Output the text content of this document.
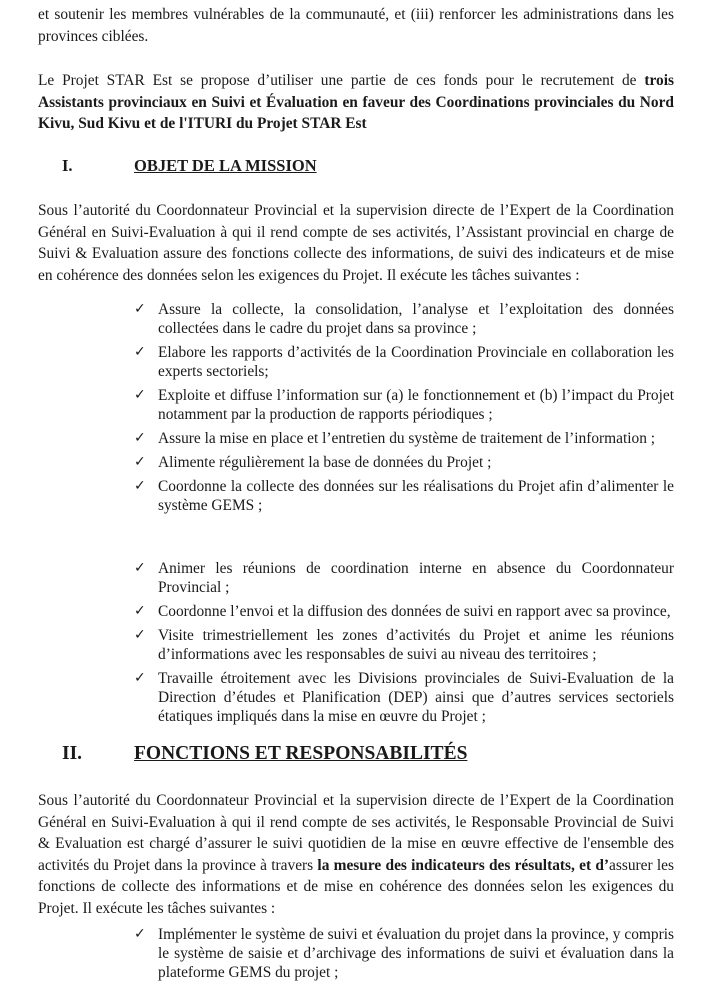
et soutenir les membres vulnérables de la communauté, et (iii) renforcer les administrations dans les provinces ciblées.
Le Projet STAR Est se propose d’utiliser une partie de ces fonds pour le recrutement de trois Assistants provinciaux en Suivi et Évaluation en faveur des Coordinations provinciales du Nord Kivu, Sud Kivu et de l'ITURI du Projet STAR Est
I.	OBJET DE LA MISSION
Sous l’autorité du Coordonnateur Provincial et la supervision directe de l’Expert de la Coordination Général en Suivi-Evaluation à qui il rend compte de ses activités, l’Assistant provincial en charge de Suivi & Evaluation assure des fonctions collecte des informations, de suivi des indicateurs et de mise en cohérence des données selon les exigences du Projet. Il exécute les tâches suivantes :
✓ Assure la collecte, la consolidation, l’analyse et l’exploitation des données collectées dans le cadre du projet dans sa province ;
✓ Elabore les rapports d’activités de la Coordination Provinciale en collaboration les experts sectoriels;
✓ Exploite et diffuse l’information sur (a) le fonctionnement et (b) l’impact du Projet notamment par la production de rapports périodiques ;
✓ Assure la mise en place et l’entretien du système de traitement de l’information ;
✓ Alimente régulièrement la base de données du Projet ;
✓ Coordonne la collecte des données sur les réalisations du Projet afin d’alimenter le système GEMS ;
✓ Animer les réunions de coordination interne en absence du Coordonnateur Provincial ;
✓ Coordonne l’envoi et la diffusion des données de suivi en rapport avec sa province,
✓ Visite trimestriellement les zones d’activités du Projet et anime les réunions d’informations avec les responsables de suivi au niveau des territoires ;
✓ Travaille étroitement avec les Divisions provinciales de Suivi-Evaluation de la Direction d’études et Planification (DEP) ainsi que d’autres services sectoriels étatiques impliqués dans la mise en œuvre du Projet ;
II.	FONCTIONS ET RESPONSABILITÉS
Sous l’autorité du Coordonnateur Provincial et la supervision directe de l’Expert de la Coordination Général en Suivi-Evaluation à qui il rend compte de ses activités, le Responsable Provincial de Suivi & Evaluation est chargé d’assurer le suivi quotidien de la mise en œuvre effective de l'ensemble des activités du Projet dans la province à travers la mesure des indicateurs des résultats, et d’assurer les fonctions de collecte des informations et de mise en cohérence des données selon les exigences du Projet. Il exécute les tâches suivantes :
✓ Implémenter le système de suivi et évaluation du projet dans la province, y compris le système de saisie et d’archivage des informations de suivi et évaluation dans la plateforme GEMS du projet ;
